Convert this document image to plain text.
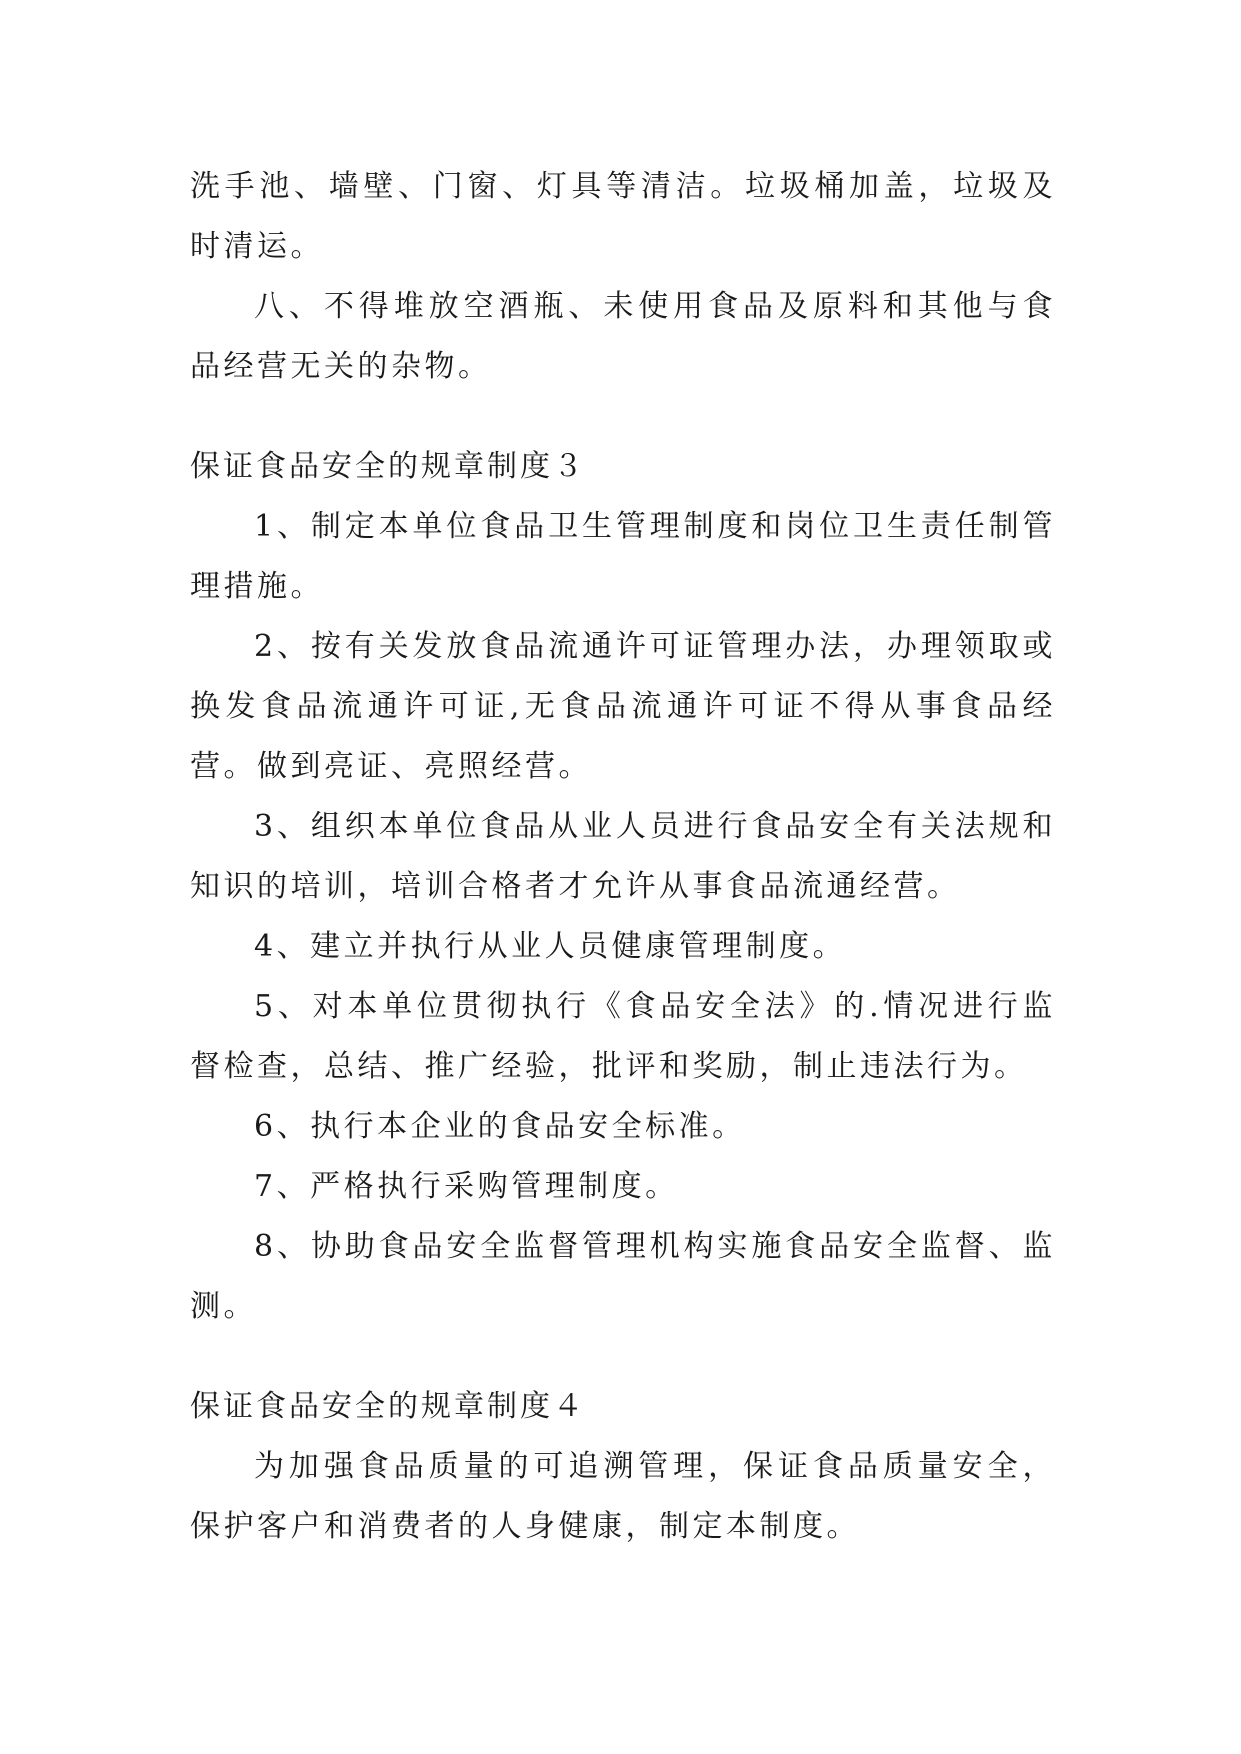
洗手池、墙壁、门窗、灯具等清洁。垃圾桶加盖，垃圾及时清运。

八、不得堆放空酒瓶、未使用食品及原料和其他与食品经营无关的杂物。

保证食品安全的规章制度３

1、制定本单位食品卫生管理制度和岗位卫生责任制管理措施。

2、按有关发放食品流通许可证管理办法，办理领取或换发食品流通许可证,无食品流通许可证不得从事食品经营。做到亮证、亮照经营。

3、组织本单位食品从业人员进行食品安全有关法规和知识的培训，培训合格者才允许从事食品流通经营。

4、建立并执行从业人员健康管理制度。

5、对本单位贯彻执行《食品安全法》的.情况进行监督检查，总结、推广经验，批评和奖励，制止违法行为。

6、执行本企业的食品安全标准。

7、严格执行采购管理制度。

8、协助食品安全监督管理机构实施食品安全监督、监测。

保证食品安全的规章制度４

为加强食品质量的可追溯管理，保证食品质量安全，保护客户和消费者的人身健康，制定本制度。
